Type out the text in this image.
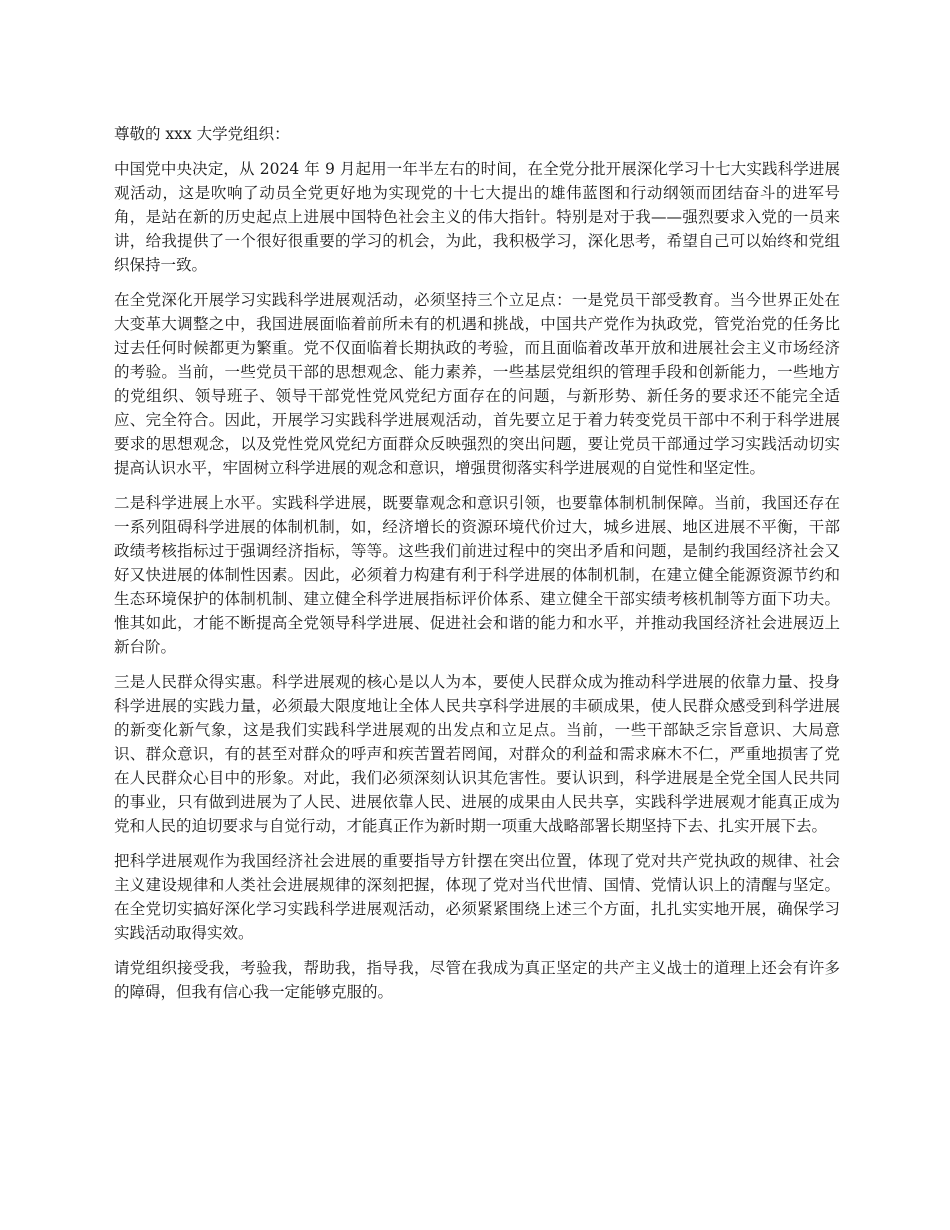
尊敬的 xxx 大学党组织：

中国党中央决定，从 2024 年 9 月起用一年半左右的时间，在全党分批开展深化学习十七大实践科学进展观活动，这是吹响了动员全党更好地为实现党的十七大提出的雄伟蓝图和行动纲领而团结奋斗的进军号角，是站在新的历史起点上进展中国特色社会主义的伟大指针。特别是对于我——强烈要求入党的一员来讲，给我提供了一个很好很重要的学习的机会，为此，我积极学习，深化思考，希望自己可以始终和党组织保持一致。

在全党深化开展学习实践科学进展观活动，必须坚持三个立足点：一是党员干部受教育。当今世界正处在大变革大调整之中，我国进展面临着前所未有的机遇和挑战，中国共产党作为执政党，管党治党的任务比过去任何时候都更为繁重。党不仅面临着长期执政的考验，而且面临着改革开放和进展社会主义市场经济的考验。当前，一些党员干部的思想观念、能力素养，一些基层党组织的管理手段和创新能力，一些地方的党组织、领导班子、领导干部党性党风党纪方面存在的问题，与新形势、新任务的要求还不能完全适应、完全符合。因此，开展学习实践科学进展观活动，首先要立足于着力转变党员干部中不利于科学进展要求的思想观念，以及党性党风党纪方面群众反映强烈的突出问题，要让党员干部通过学习实践活动切实提高认识水平，牢固树立科学进展的观念和意识，增强贯彻落实科学进展观的自觉性和坚定性。

二是科学进展上水平。实践科学进展，既要靠观念和意识引领，也要靠体制机制保障。当前，我国还存在一系列阻碍科学进展的体制机制，如，经济增长的资源环境代价过大，城乡进展、地区进展不平衡，干部政绩考核指标过于强调经济指标，等等。这些我们前进过程中的突出矛盾和问题，是制约我国经济社会又好又快进展的体制性因素。因此，必须着力构建有利于科学进展的体制机制，在建立健全能源资源节约和生态环境保护的体制机制、建立健全科学进展指标评价体系、建立健全干部实绩考核机制等方面下功夫。惟其如此，才能不断提高全党领导科学进展、促进社会和谐的能力和水平，并推动我国经济社会进展迈上新台阶。

三是人民群众得实惠。科学进展观的核心是以人为本，要使人民群众成为推动科学进展的依靠力量、投身科学进展的实践力量，必须最大限度地让全体人民共享科学进展的丰硕成果，使人民群众感受到科学进展的新变化新气象，这是我们实践科学进展观的出发点和立足点。当前，一些干部缺乏宗旨意识、大局意识、群众意识，有的甚至对群众的呼声和疾苦置若罔闻，对群众的利益和需求麻木不仁，严重地损害了党在人民群众心目中的形象。对此，我们必须深刻认识其危害性。要认识到，科学进展是全党全国人民共同的事业，只有做到进展为了人民、进展依靠人民、进展的成果由人民共享，实践科学进展观才能真正成为党和人民的迫切要求与自觉行动，才能真正作为新时期一项重大战略部署长期坚持下去、扎实开展下去。

把科学进展观作为我国经济社会进展的重要指导方针摆在突出位置，体现了党对共产党执政的规律、社会主义建设规律和人类社会进展规律的深刻把握，体现了党对当代世情、国情、党情认识上的清醒与坚定。在全党切实搞好深化学习实践科学进展观活动，必须紧紧围绕上述三个方面，扎扎实实地开展，确保学习实践活动取得实效。

请党组织接受我，考验我，帮助我，指导我，尽管在我成为真正坚定的共产主义战士的道理上还会有许多的障碍，但我有信心我一定能够克服的。
